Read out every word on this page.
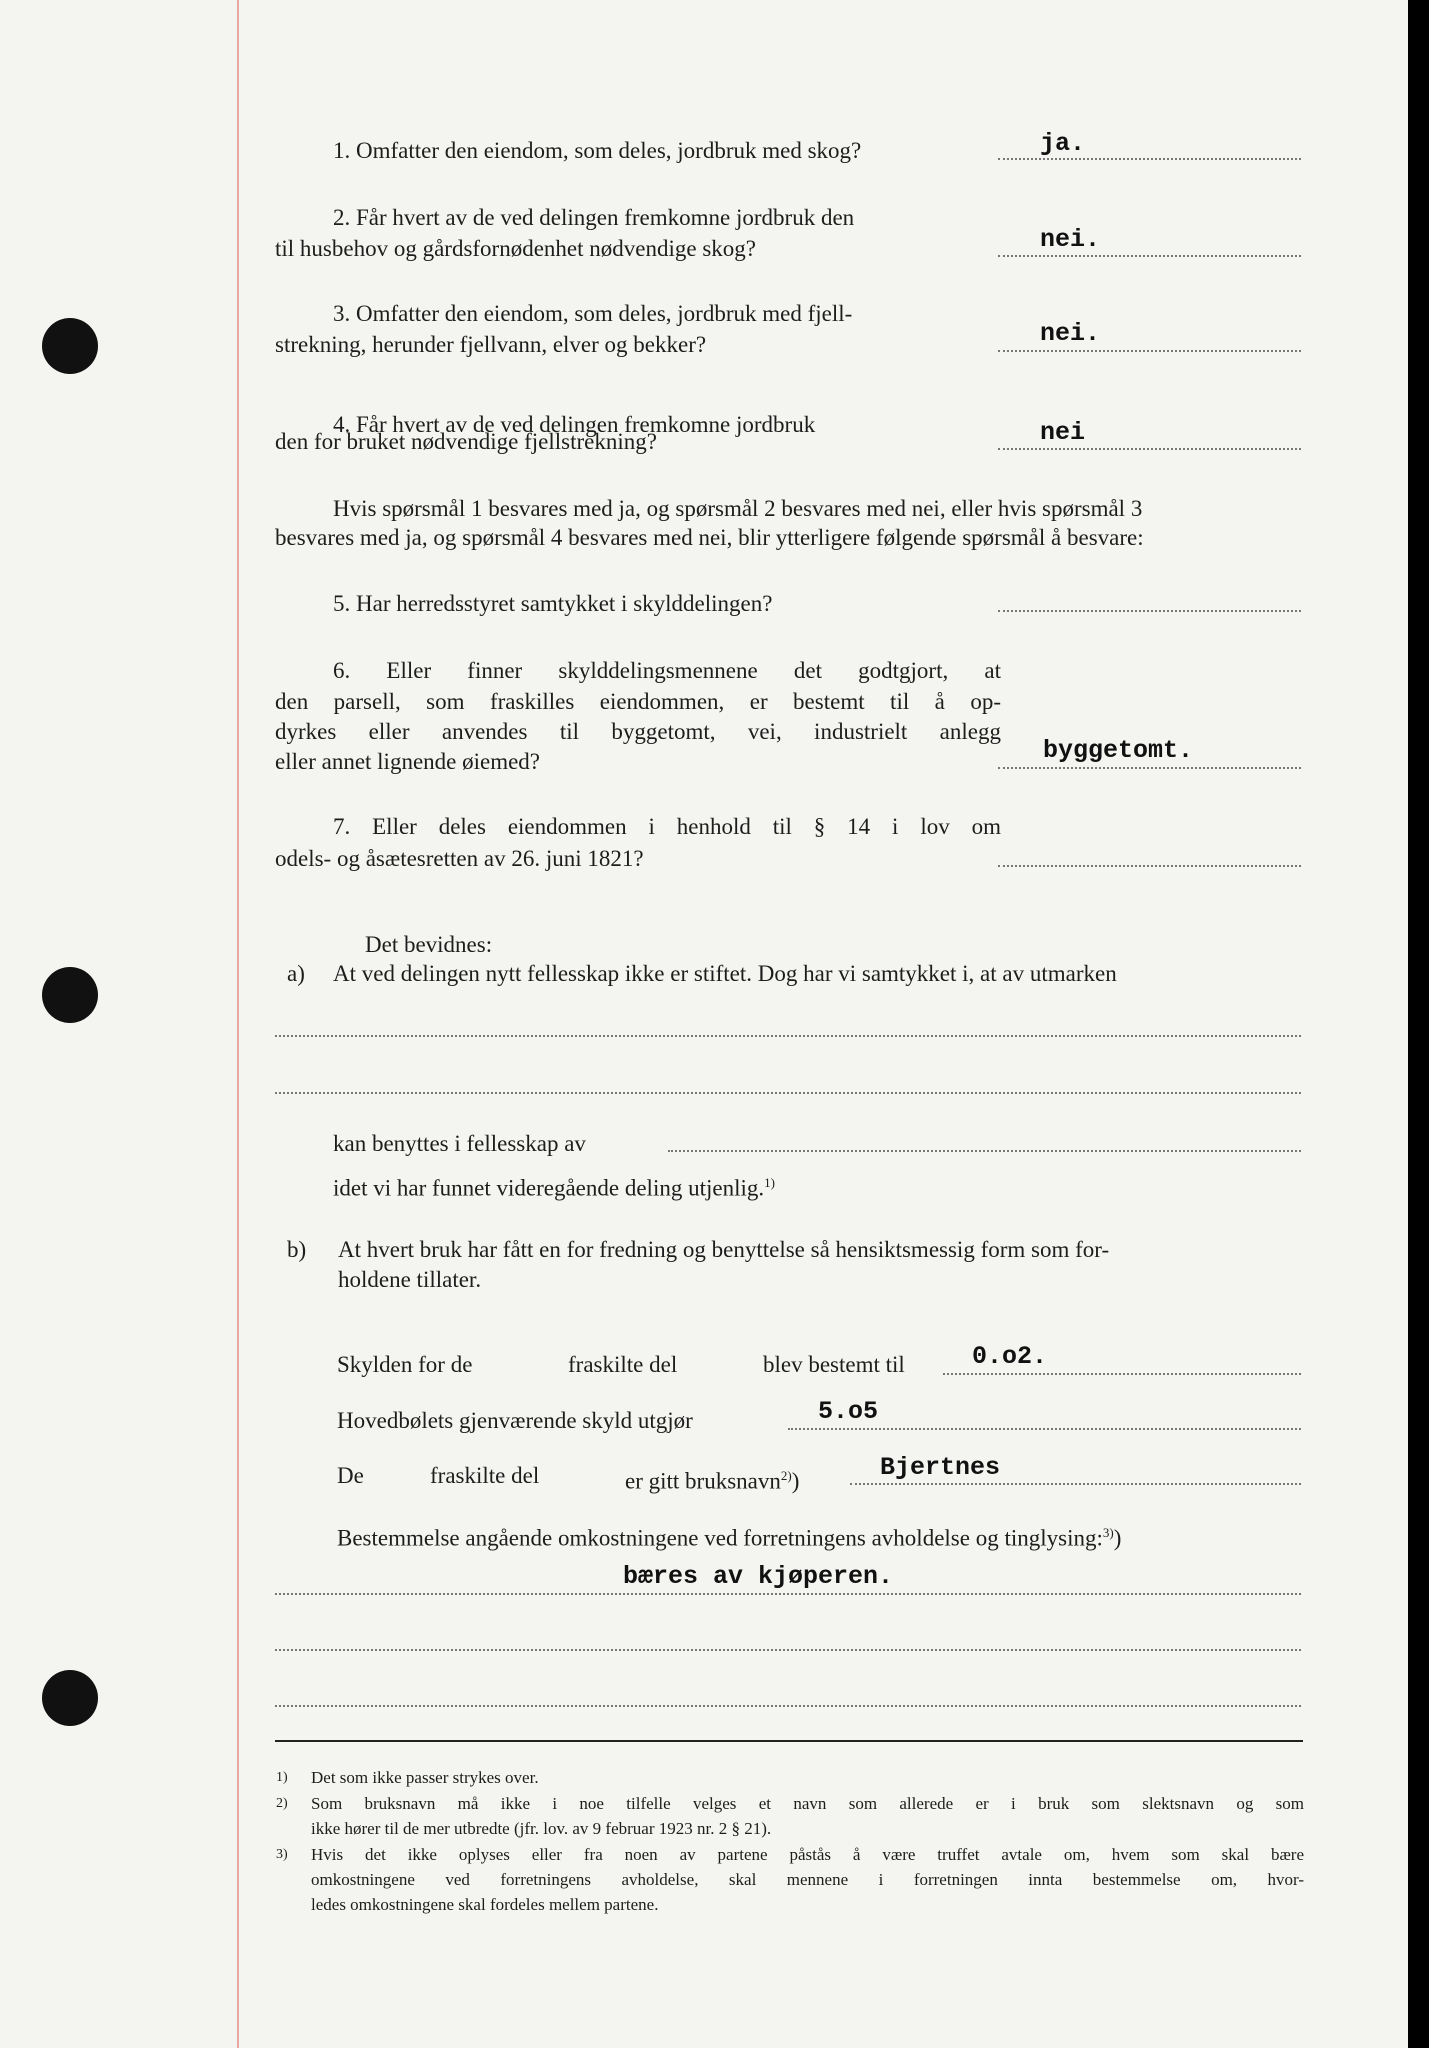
1. Omfatter den eiendom, som deles, jordbruk med skog?	ja.
2. Får hvert av de ved delingen fremkomne jordbruk den
til husbehov og gårdsfornødenhet nødvendige skog?	nei.
3. Omfatter den eiendom, som deles, jordbruk med fjell-
strekning, herunder fjellvann, elver og bekker?	nei.
4. Får hvert av de ved delingen fremkomne jordbruk
den for bruket nødvendige fjellstrekning?	nei
Hvis spørsmål 1 besvares med ja, og spørsmål 2 besvares med nei, eller hvis spørsmål 3
besvares med ja, og spørsmål 4 besvares med nei, blir ytterligere følgende spørsmål å besvare:
5. Har herredsstyret samtykket i skylddelingen?
6. Eller finner skylddelingsmennene det godtgjort, at
den parsell, som fraskilles eiendommen, er bestemt til å op-
dyrkes eller anvendes til byggetomt, vei, industrielt anlegg
eller annet lignende øiemed?	byggetomt.
7. Eller deles eiendommen i henhold til § 14 i lov om
odels- og åsætesretten av 26. juni 1821?
Det bevidnes:
a) At ved delingen nytt fellesskap ikke er stiftet. Dog har vi samtykket i, at av utmarken
kan benyttes i fellesskap av
idet vi har funnet videregående deling utjenlig.$^{1)}$
b) At hvert bruk har fått en for fredning og benyttelse så hensiktsmessig form som for-
holdene tillater.
Skylden for de	fraskilte del	blev bestemt til	0.o2.
Hovedbølets gjenværende skyld utgjør	5.o5
De	fraskilte del	er gitt bruksnavn$^{2)}$)	Bjertnes
Bestemmelse angående omkostningene ved forretningens avholdelse og tinglysing:$^{3)}$)
bæres av kjøperen.
1) Det som ikke passer strykes over.
2) Som bruksnavn må ikke i noe tilfelle velges et navn som allerede er i bruk som slektsnavn og som
ikke hører til de mer utbredte (jfr. lov. av 9 februar 1923 nr. 2 § 21).
3) Hvis det ikke oplyses eller fra noen av partene påstås å være truffet avtale om, hvem som skal bære
omkostningene ved forretningens avholdelse, skal mennene i forretningen innta bestemmelse om, hvor-
ledes omkostningene skal fordeles mellem partene.
